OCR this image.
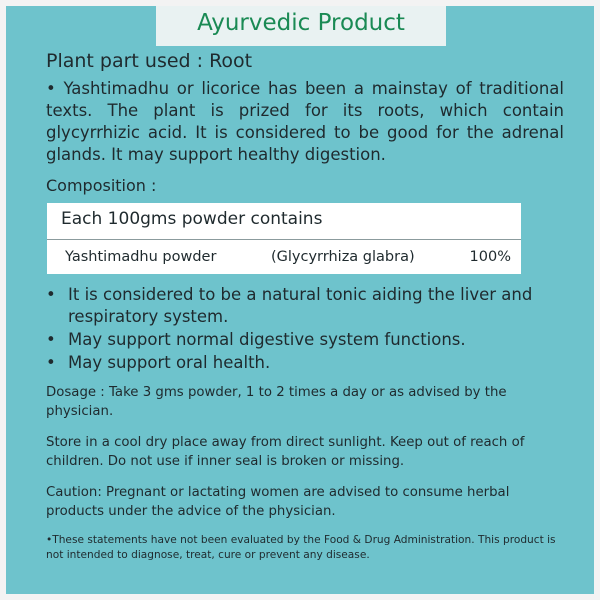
Ayurvedic Product

Plant part used : Root

• Yashtimadhu or licorice has been a mainstay of traditional texts. The plant is prized for its roots, which contain glycyrrhizic acid. It is considered to be good for the adrenal glands. It may support healthy digestion.

Composition :

Each 100gms powder contains
Yashtimadhu powder	(Glycyrrhiza glabra)	100%
• It is considered to be a natural tonic aiding the liver and respiratory system.
• May support normal digestive system functions.
• May support oral health.

Dosage : Take 3 gms powder, 1 to 2 times a day or as advised by the physician.

Store in a cool dry place away from direct sunlight. Keep out of reach of children. Do not use if inner seal is broken or missing.

Caution: Pregnant or lactating women are advised to consume herbal products under the advice of the physician.

•These statements have not been evaluated by the Food & Drug Administration. This product is not intended to diagnose, treat, cure or prevent any disease.
